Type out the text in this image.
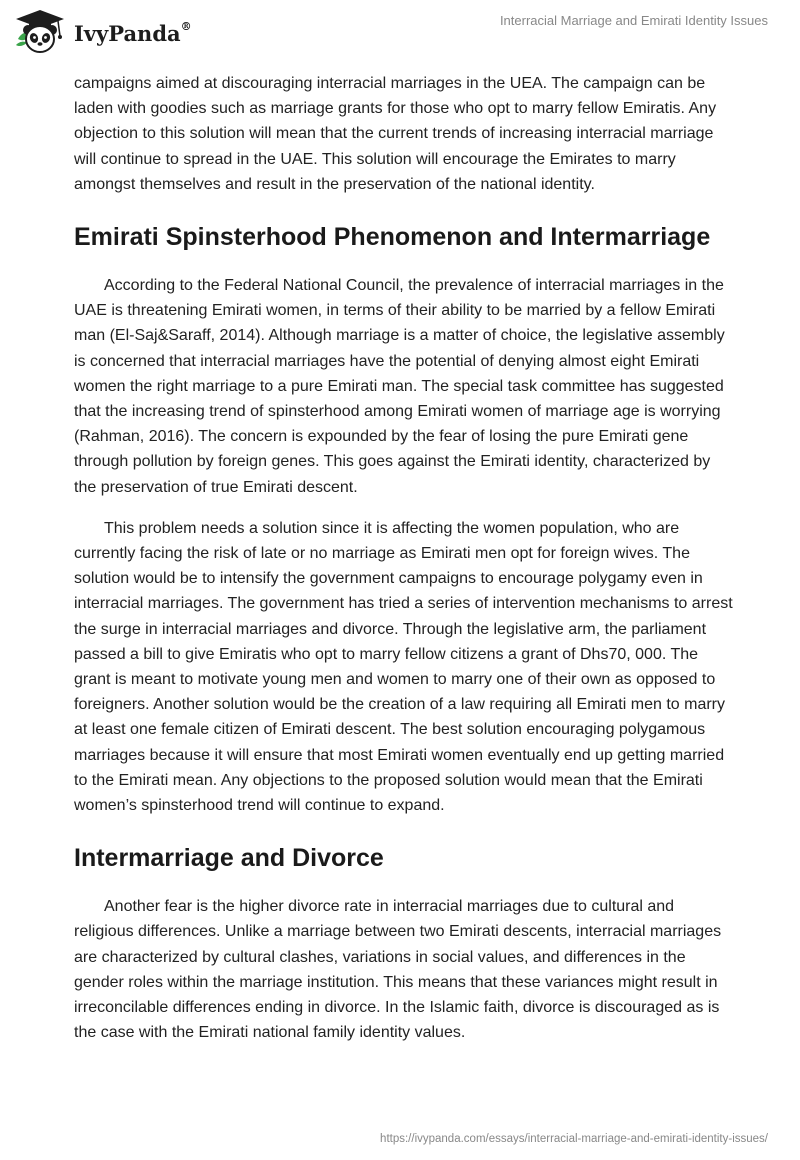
IvyPanda®	Interracial Marriage and Emirati Identity Issues

campaigns aimed at discouraging interracial marriages in the UEA. The campaign can be laden with goodies such as marriage grants for those who opt to marry fellow Emiratis. Any objection to this solution will mean that the current trends of increasing interracial marriage will continue to spread in the UAE. This solution will encourage the Emirates to marry amongst themselves and result in the preservation of the national identity.

Emirati Spinsterhood Phenomenon and Intermarriage

According to the Federal National Council, the prevalence of interracial marriages in the UAE is threatening Emirati women, in terms of their ability to be married by a fellow Emirati man (El-Saj&Saraff, 2014). Although marriage is a matter of choice, the legislative assembly is concerned that interracial marriages have the potential of denying almost eight Emirati women the right marriage to a pure Emirati man. The special task committee has suggested that the increasing trend of spinsterhood among Emirati women of marriage age is worrying (Rahman, 2016). The concern is expounded by the fear of losing the pure Emirati gene through pollution by foreign genes. This goes against the Emirati identity, characterized by the preservation of true Emirati descent.

This problem needs a solution since it is affecting the women population, who are currently facing the risk of late or no marriage as Emirati men opt for foreign wives. The solution would be to intensify the government campaigns to encourage polygamy even in interracial marriages. The government has tried a series of intervention mechanisms to arrest the surge in interracial marriages and divorce. Through the legislative arm, the parliament passed a bill to give Emiratis who opt to marry fellow citizens a grant of Dhs70, 000. The grant is meant to motivate young men and women to marry one of their own as opposed to foreigners. Another solution would be the creation of a law requiring all Emirati men to marry at least one female citizen of Emirati descent. The best solution encouraging polygamous marriages because it will ensure that most Emirati women eventually end up getting married to the Emirati mean. Any objections to the proposed solution would mean that the Emirati women’s spinsterhood trend will continue to expand.

Intermarriage and Divorce

Another fear is the higher divorce rate in interracial marriages due to cultural and religious differences. Unlike a marriage between two Emirati descents, interracial marriages are characterized by cultural clashes, variations in social values, and differences in the gender roles within the marriage institution. This means that these variances might result in irreconcilable differences ending in divorce. In the Islamic faith, divorce is discouraged as is the case with the Emirati national family identity values.

https://ivypanda.com/essays/interracial-marriage-and-emirati-identity-issues/
